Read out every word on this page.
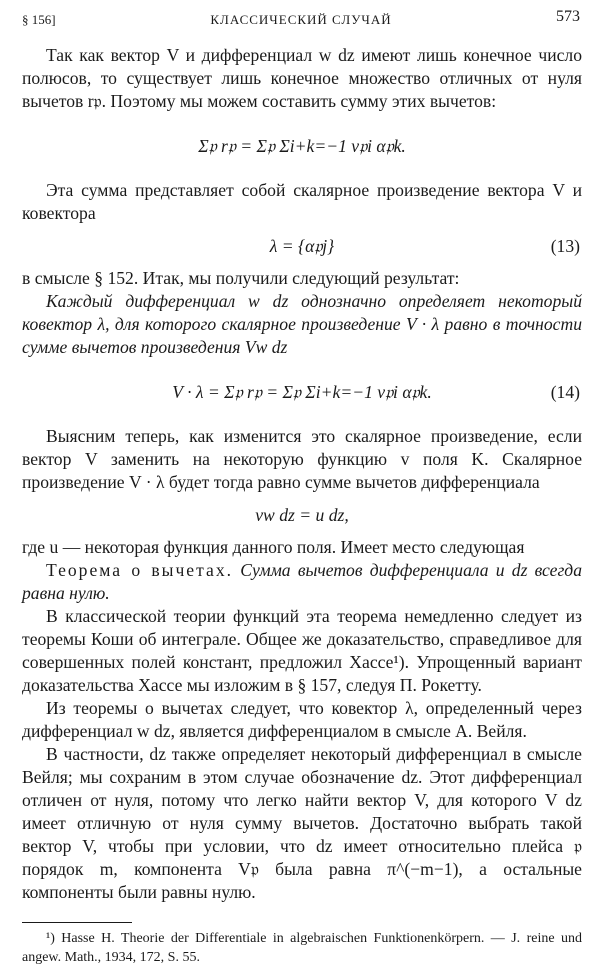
§ 156]	КЛАССИЧЕСКИЙ СЛУЧАЙ	573

Так как вектор V и дифференциал w dz имеют лишь конечное число полюсов, то существует лишь конечное множество отличных от нуля вычетов r𝔭. Поэтому мы можем составить сумму этих вычетов:

Σ𝔭 r𝔭 = Σ𝔭 Σi+k=−1 v𝔭i α𝔭k.

Эта сумма представляет собой скалярное произведение вектора V и ковектора

λ = {α𝔭j}	(13)

в смысле § 152. Итак, мы получили следующий результат:

Каждый дифференциал w dz однозначно определяет некоторый ковектор λ, для которого скалярное произведение V · λ равно в точности сумме вычетов произведения Vw dz

V · λ = Σ𝔭 r𝔭 = Σ𝔭 Σi+k=−1 v𝔭i α𝔭k.	(14)

Выясним теперь, как изменится это скалярное произведение, если вектор V заменить на некоторую функцию v поля K. Скалярное произведение V · λ будет тогда равно сумме вычетов дифференциала

vw dz = u dz,

где u — некоторая функция данного поля. Имеет место следующая

Теорема о вычетах. Сумма вычетов дифференциала u dz всегда равна нулю.

В классической теории функций эта теорема немедленно следует из теоремы Коши об интеграле. Общее же доказательство, справедливое для совершенных полей констант, предложил Хассе¹). Упрощенный вариант доказательства Хассе мы изложим в § 157, следуя П. Рокетту.

Из теоремы о вычетах следует, что ковектор λ, определенный через дифференциал w dz, является дифференциалом в смысле А. Вейля.

В частности, dz также определяет некоторый дифференциал в смысле Вейля; мы сохраним в этом случае обозначение dz. Этот дифференциал отличен от нуля, потому что легко найти вектор V, для которого V dz имеет отличную от нуля сумму вычетов. Достаточно выбрать такой вектор V, чтобы при условии, что dz имеет относительно плейса 𝔭 порядок m, компонента V𝔭 была равна π^(−m−1), а остальные компоненты были равны нулю.

¹) Hasse H. Theorie der Differentiale in algebraischen Funktionenkörpern. — J. reine und angew. Math., 1934, 172, S. 55.
